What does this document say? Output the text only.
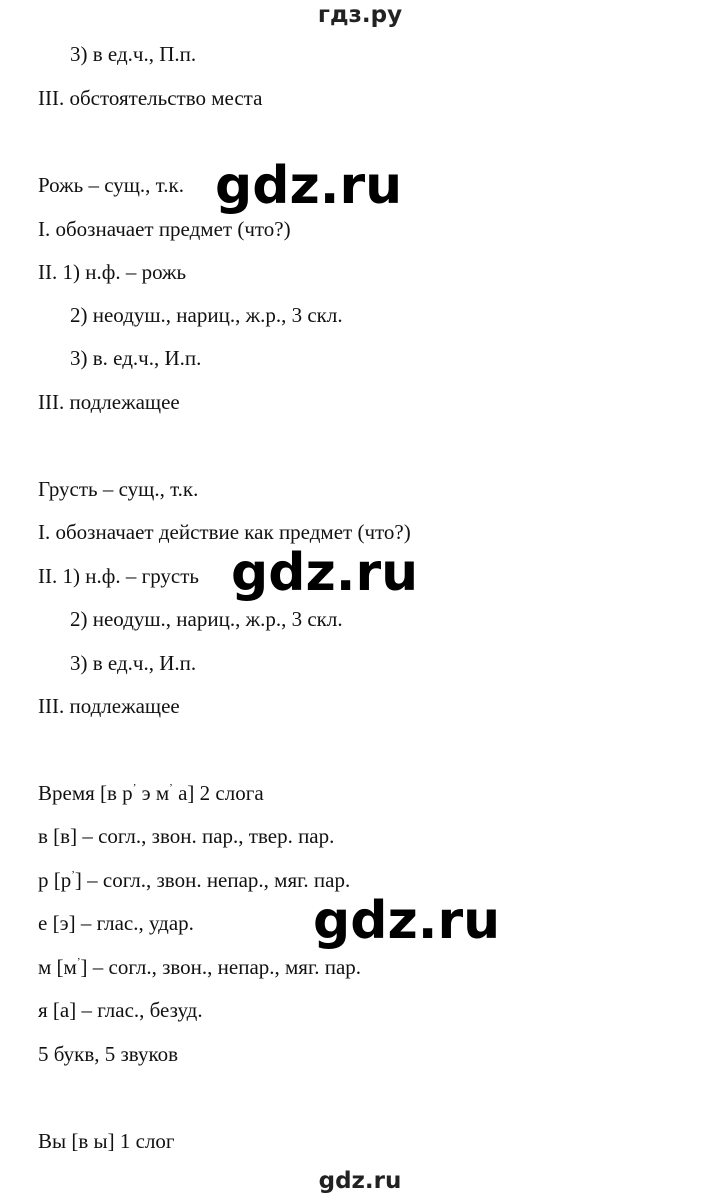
гдз.ру
3) в ед.ч., П.п.
III. обстоятельство места
Рожь – сущ., т.к.
I. обозначает предмет (что?)
II. 1) н.ф. – рожь
2) неодуш., нариц., ж.р., 3 скл.
3) в. ед.ч., И.п.
III. подлежащее
Грусть – сущ., т.к.
I. обозначает действие как предмет (что?)
II. 1) н.ф. – грусть
2) неодуш., нариц., ж.р., 3 скл.
3) в ед.ч., И.п.
III. подлежащее
Время [в $р^ʼ$ э $м^ʼ$ а] 2 слога
в [в] – согл., звон. пар., твер. пар.
р $[р^ʼ]$ – согл., звон. непар., мяг. пар.
е [э] – глас., удар.
м $[м^ʼ]$ – согл., звон., непар., мяг. пар.
я [а] – глас., безуд.
5 букв, 5 звуков
Вы [в ы] 1 слог
gdz.ru
gdz.ru
gdz.ru
gdz.ru
